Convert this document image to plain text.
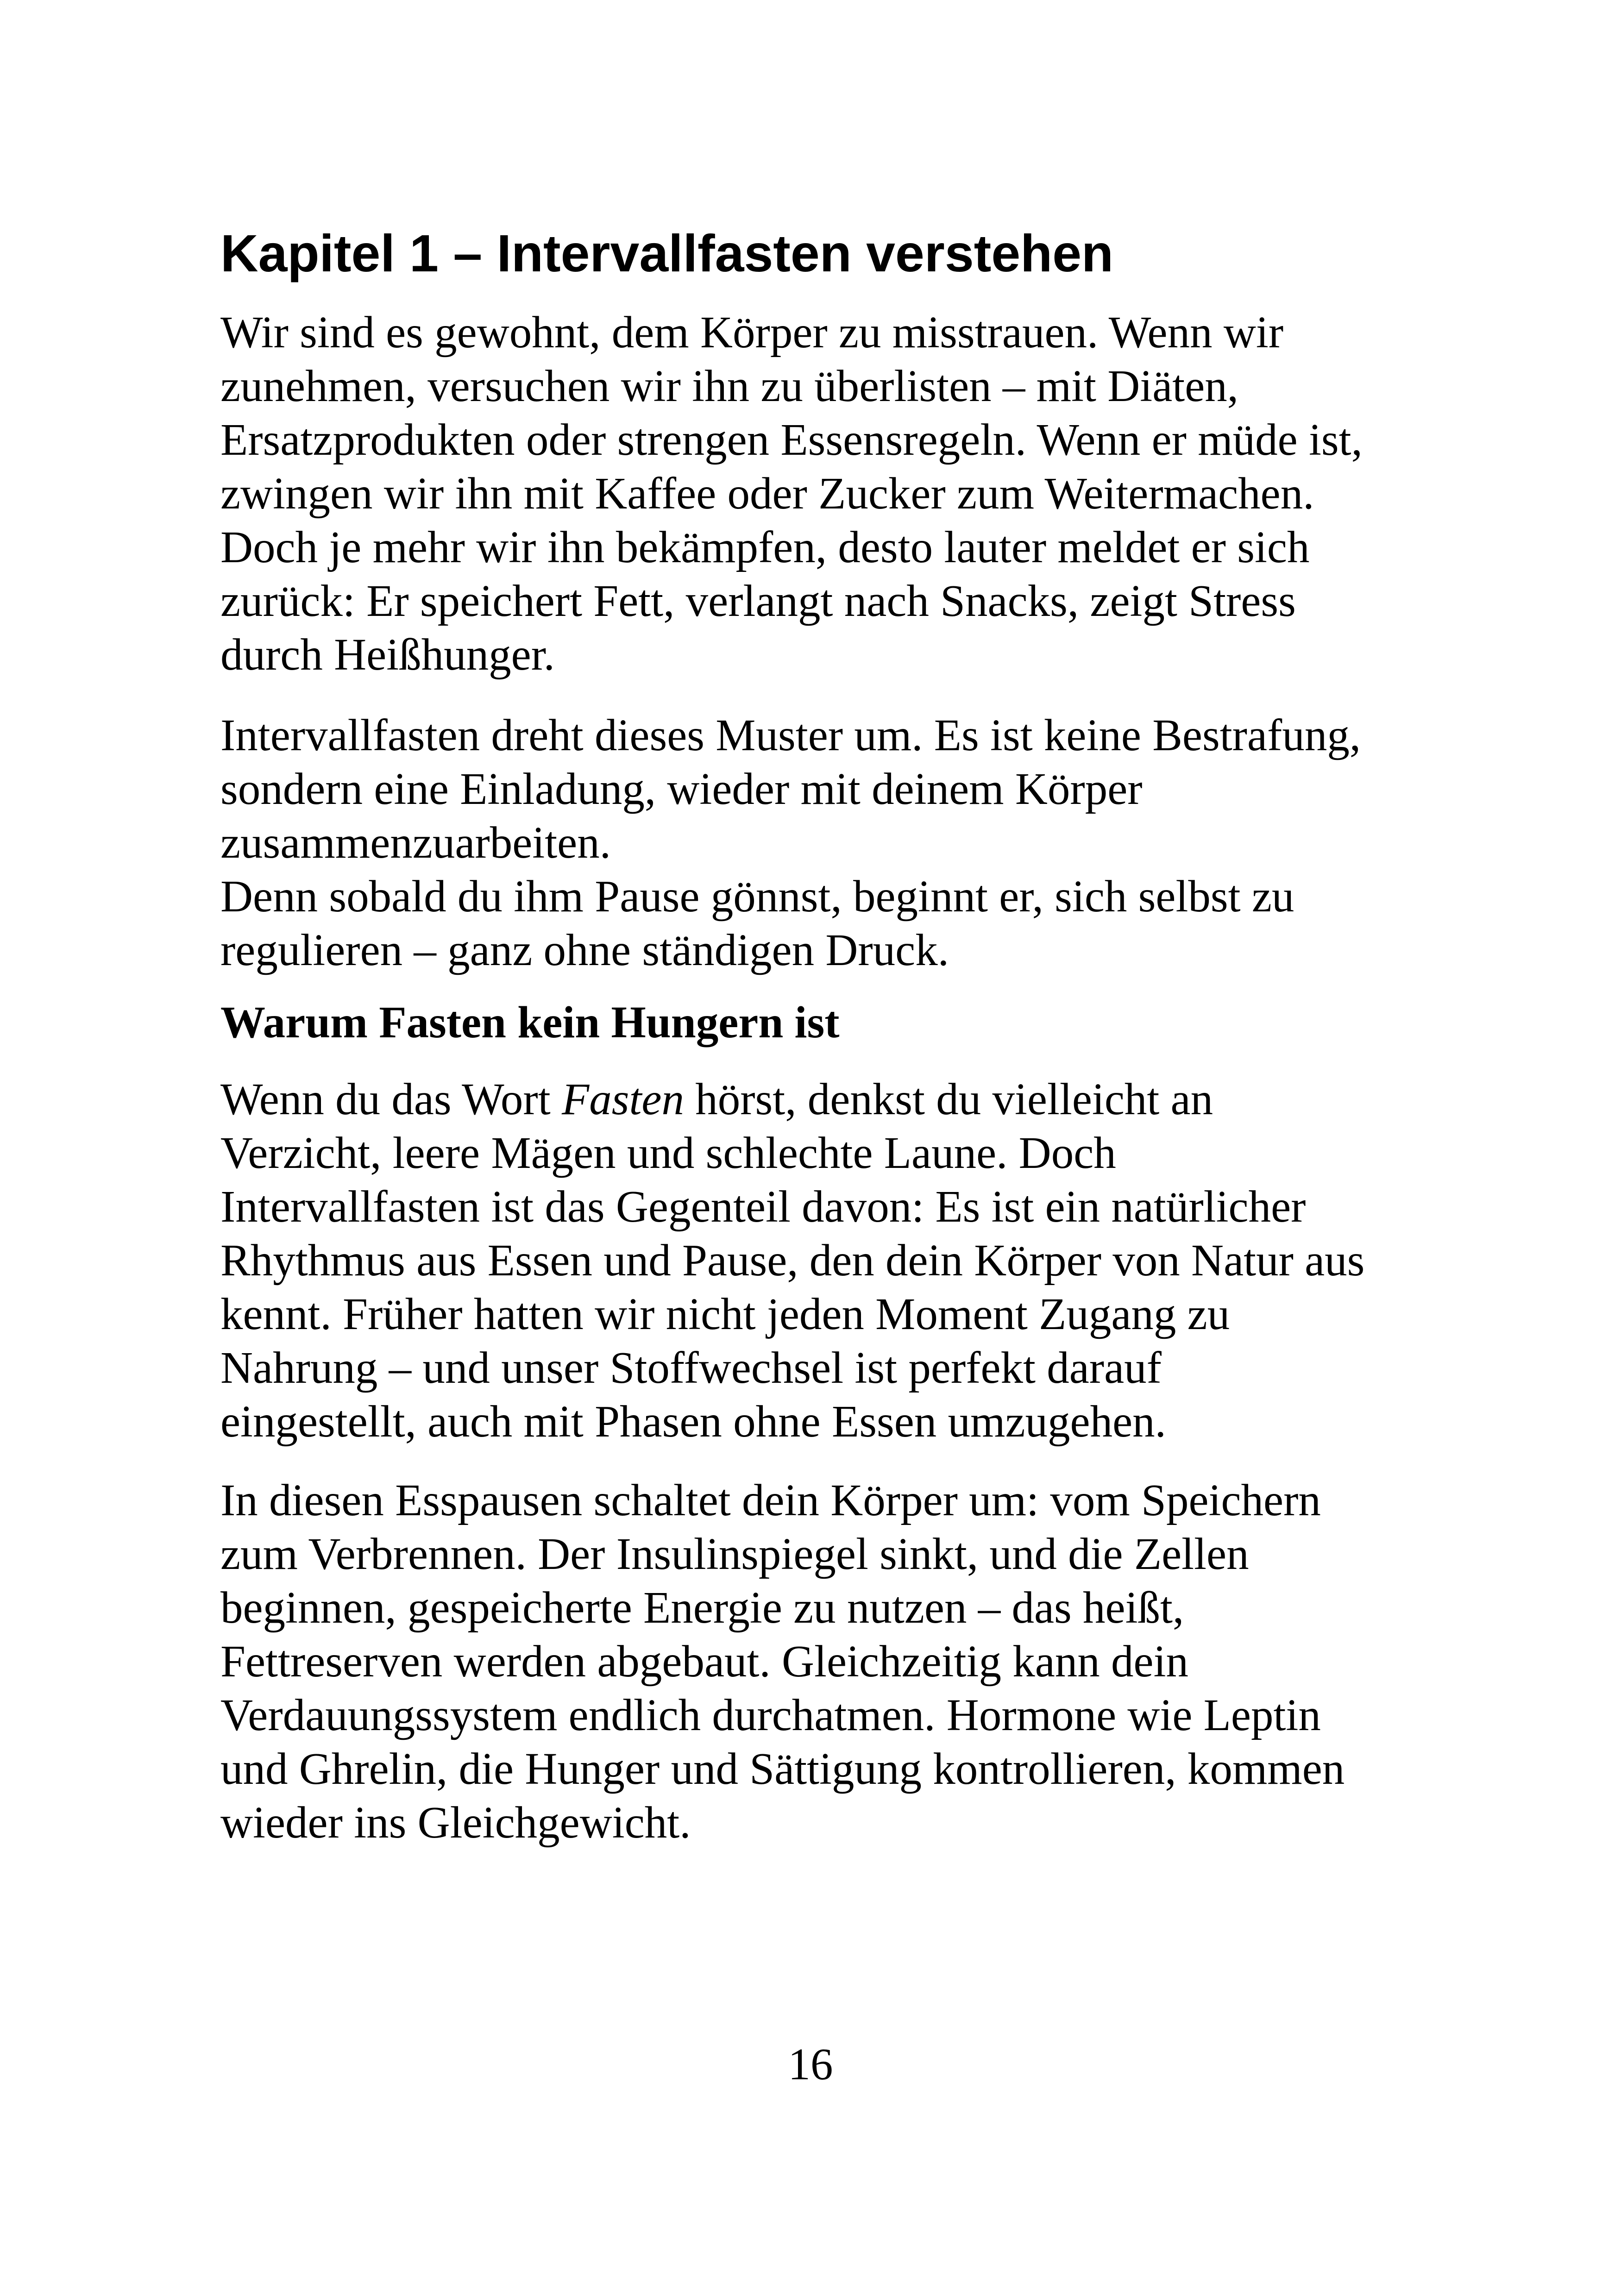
Kapitel 1 – Intervallfasten verstehen

Wir sind es gewohnt, dem Körper zu misstrauen. Wenn wir
zunehmen, versuchen wir ihn zu überlisten – mit Diäten,
Ersatzprodukten oder strengen Essensregeln. Wenn er müde ist,
zwingen wir ihn mit Kaffee oder Zucker zum Weitermachen.
Doch je mehr wir ihn bekämpfen, desto lauter meldet er sich
zurück: Er speichert Fett, verlangt nach Snacks, zeigt Stress
durch Heißhunger.

Intervallfasten dreht dieses Muster um. Es ist keine Bestrafung,
sondern eine Einladung, wieder mit deinem Körper
zusammenzuarbeiten.
Denn sobald du ihm Pause gönnst, beginnt er, sich selbst zu
regulieren – ganz ohne ständigen Druck.

Warum Fasten kein Hungern ist

Wenn du das Wort Fasten hörst, denkst du vielleicht an
Verzicht, leere Mägen und schlechte Laune. Doch
Intervallfasten ist das Gegenteil davon: Es ist ein natürlicher
Rhythmus aus Essen und Pause, den dein Körper von Natur aus
kennt. Früher hatten wir nicht jeden Moment Zugang zu
Nahrung – und unser Stoffwechsel ist perfekt darauf
eingestellt, auch mit Phasen ohne Essen umzugehen.

In diesen Esspausen schaltet dein Körper um: vom Speichern
zum Verbrennen. Der Insulinspiegel sinkt, und die Zellen
beginnen, gespeicherte Energie zu nutzen – das heißt,
Fettreserven werden abgebaut. Gleichzeitig kann dein
Verdauungssystem endlich durchatmen. Hormone wie Leptin
und Ghrelin, die Hunger und Sättigung kontrollieren, kommen
wieder ins Gleichgewicht.

16
